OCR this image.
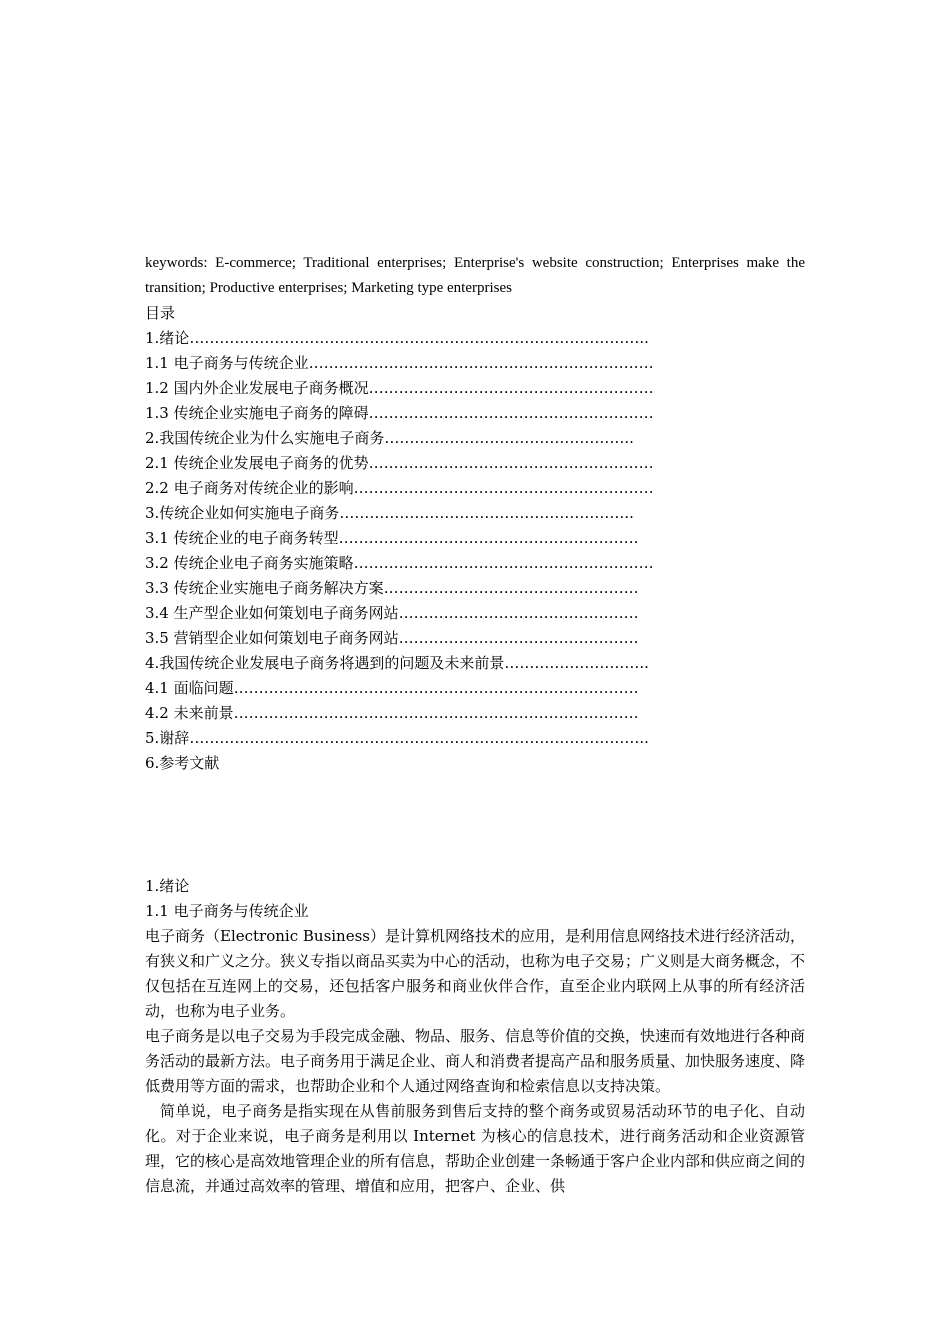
keywords: E-commerce; Traditional enterprises; Enterprise's website construction; Enterprises make the transition; Productive enterprises; Marketing type enterprises
目录
1.绪论………………………………………………………………………………..
1.1 电子商务与传统企业……………………………………………………………
1.2 国内外企业发展电子商务概况…………………………………………………
1.3 传统企业实施电子商务的障碍…………………………………………………
2.我国传统企业为什么实施电子商务…………………………………………..
2.1 传统企业发展电子商务的优势…………………………………………………
2.2 电子商务对传统企业的影响……………………………………………………
3.传统企业如何实施电子商务…………………………………………………..
3.1 传统企业的电子商务转型……………………………………………………
3.2 传统企业电子商务实施策略……………………………………………………
3.3 传统企业实施电子商务解决方案……………………………………………
3.4 生产型企业如何策划电子商务网站…………………………………………
3.5 营销型企业如何策划电子商务网站…………………………………………
4.我国传统企业发展电子商务将遇到的问题及未来前景………………………..
4.1 面临问题………………………………………………………………………
4.2 未来前景………………………………………………………………………
5.谢辞………………………………………………………………………………..
6.参考文献
1.绪论
1.1 电子商务与传统企业

电子商务（Electronic Business）是计算机网络技术的应用，是利用信息网络技术进行经济活动，有狭义和广义之分。狭义专指以商品买卖为中心的活动，也称为电子交易；广义则是大商务概念，不仅包括在互连网上的交易，还包括客户服务和商业伙伴合作，直至企业内联网上从事的所有经济活动，也称为电子业务。

电子商务是以电子交易为手段完成金融、物品、服务、信息等价值的交换，快速而有效地进行各种商务活动的最新方法。电子商务用于满足企业、商人和消费者提高产品和服务质量、加快服务速度、降低费用等方面的需求，也帮助企业和个人通过网络查询和检索信息以支持决策。

简单说，电子商务是指实现在从售前服务到售后支持的整个商务或贸易活动环节的电子化、自动化。对于企业来说，电子商务是利用以 Internet 为核心的信息技术，进行商务活动和企业资源管理，它的核心是高效地管理企业的所有信息，帮助企业创建一条畅通于客户企业内部和供应商之间的信息流，并通过高效率的管理、增值和应用，把客户、企业、供
